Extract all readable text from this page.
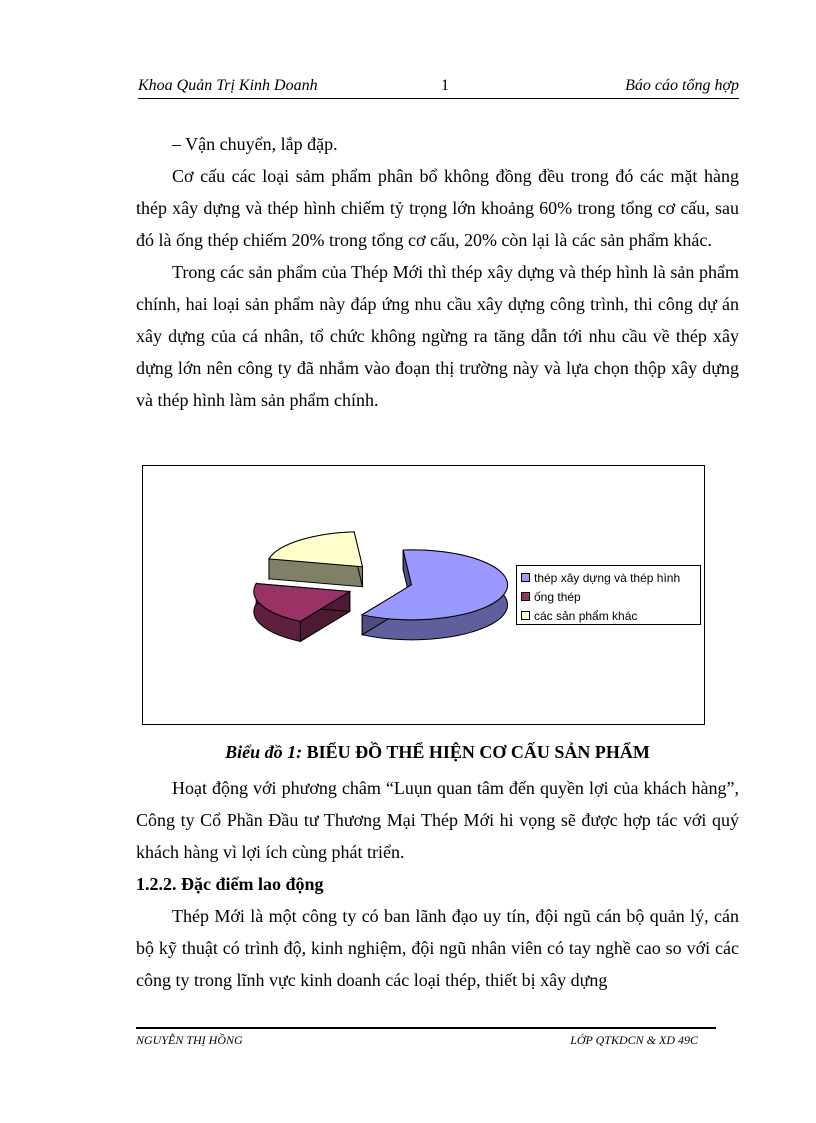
Khoa Quản Trị Kinh Doanh	1	Báo cáo tổng hợp

– Vận chuyển, lắp đặp.

Cơ cấu các loại sảm phẩm phân bổ không đồng đều trong đó các mặt hàng thép xây dựng và thép hình chiếm tỷ trọng lớn khoảng 60% trong tổng cơ cấu, sau đó là ống thép chiếm 20% trong tổng cơ cấu, 20% còn lại là các sản phẩm khác.

Trong các sản phẩm của Thép Mới thì thép xây dựng và thép hình là sản phẩm chính, hai loại sản phẩm này đáp ứng nhu cầu xây dựng công trình, thi công dự án xây dựng của cá nhân, tổ chức không ngừng ra tăng dẫn tới nhu cầu về thép xây dựng lớn nên công ty đã nhắm vào đoạn thị trường này và lựa chọn thộp xây dựng và thép hình làm sản phẩm chính.

thép xây dựng và thép hình
ống thép
các sản phẩm khác
Biểu đồ 1: BIỂU ĐỒ THỂ HIỆN CƠ CẤU SẢN PHẨM

Hoạt động với phương châm “Luụn quan tâm đến quyền lợi của khách hàng”, Công ty Cổ Phần Đầu tư Thương Mại Thép Mới hi vọng sẽ được hợp tác với quý khách hàng vì lợi ích cùng phát triển.

1.2.2. Đặc điểm lao động

Thép Mới là một công ty có ban lãnh đạo uy tín, đội ngũ cán bộ quản lý, cán bộ kỹ thuật có trình độ, kinh nghiệm, đội ngũ nhân viên có tay nghề cao so với các công ty trong lĩnh vực kinh doanh các loại thép, thiết bị xây dựng

NGUYỄN THỊ HỒNG	LỚP QTKDCN & XD 49C
